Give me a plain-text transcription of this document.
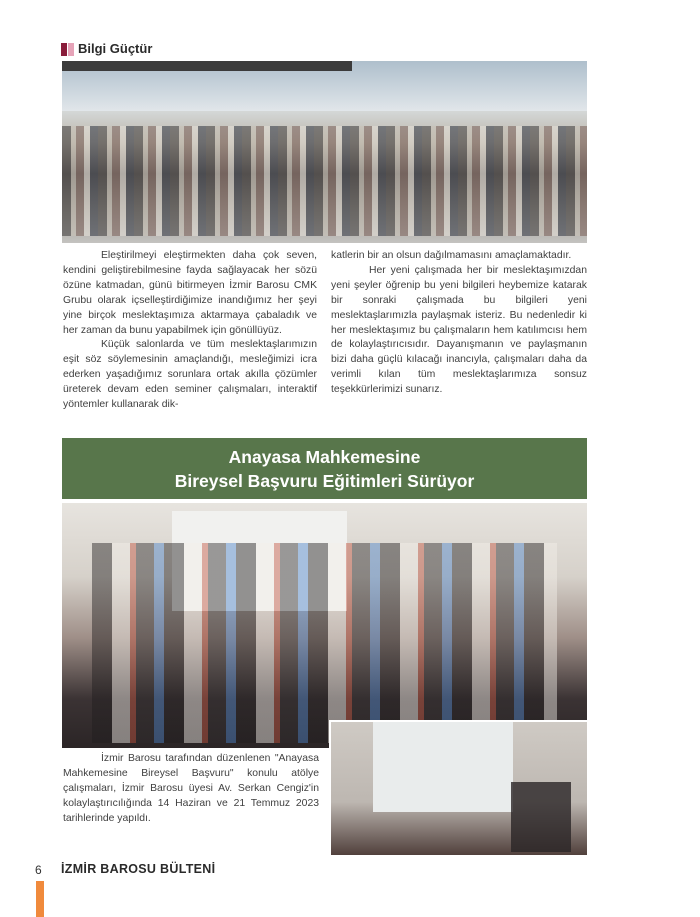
Bilgi Güçtür

Eleştirilmeyi eleştirmekten daha çok seven, kendini geliştirebilmesine fayda sağlayacak her sözü özüne katmadan, günü bitirmeyen İzmir Barosu CMK Grubu olarak içselleştirdiğimize inandığımız her şeyi yine birçok meslektaşımıza aktarmaya çabaladık ve her zaman da bunu yapabilmek için gönüllüyüz.

Küçük salonlarda ve tüm meslektaşlarımızın eşit söz söylemesinin amaçlandığı, mesleğimizi icra ederken yaşadığımız sorunlara ortak akılla çözümler üreterek devam eden seminer çalışmaları, interaktif yöntemler kullanarak dik-

katlerin bir an olsun dağılmamasını amaçlamaktadır.

Her yeni çalışmada her bir meslektaşımızdan yeni şeyler öğrenip bu yeni bilgileri heybemize katarak bir sonraki çalışmada bu bilgileri yeni meslektaşlarımızla paylaşmak isteriz. Bu nedenledir ki her meslektaşımız bu çalışmaların hem katılımcısı hem de kolaylaştırıcısıdır. Dayanışmanın ve paylaşmanın bizi daha güçlü kılacağı inancıyla, çalışmaları daha da verimli kılan tüm meslektaşlarımıza sonsuz teşekkürlerimizi sunarız.

Anayasa Mahkemesine
Bireysel Başvuru Eğitimleri Sürüyor

İzmir Barosu tarafından düzenlenen "Anayasa Mahkemesine Bireysel Başvuru" konulu atölye çalışmaları, İzmir Barosu üyesi Av. Serkan Cengiz'in kolaylaştırıcılığında 14 Haziran ve 21 Temmuz 2023 tarihlerinde yapıldı.

6 İZMİR BAROSU BÜLTENİ
